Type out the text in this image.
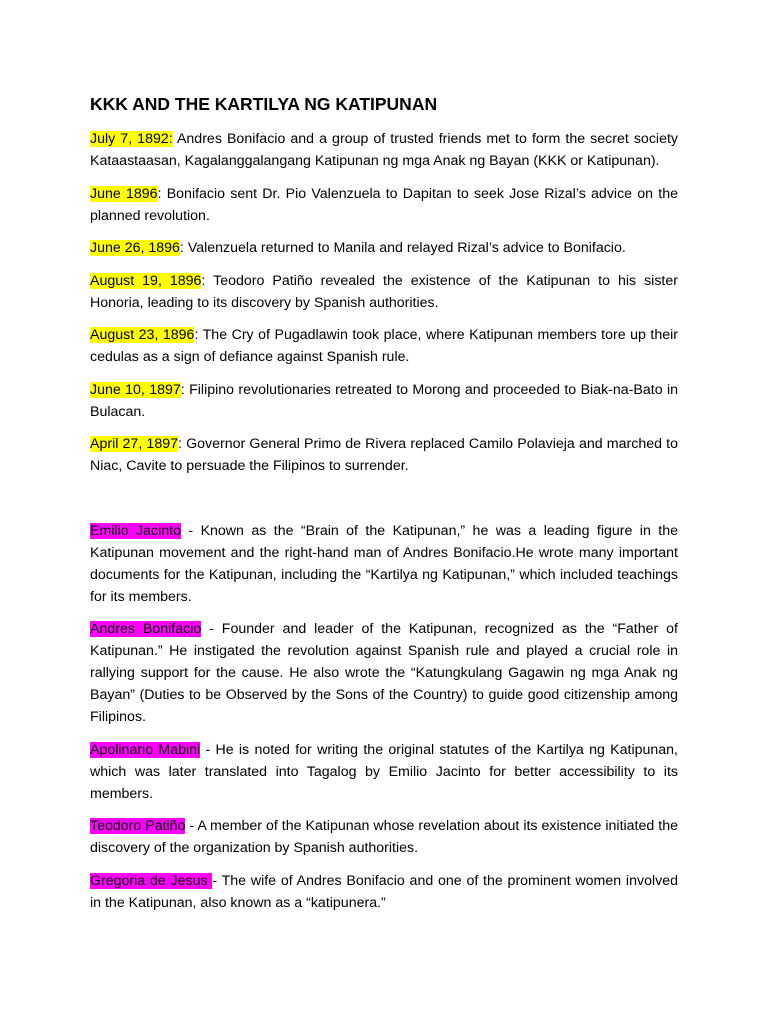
KKK AND THE KARTILYA NG KATIPUNAN

July 7, 1892: Andres Bonifacio and a group of trusted friends met to form the secret society Kataastaasan, Kagalanggalangang Katipunan ng mga Anak ng Bayan (KKK or Katipunan).

June 1896: Bonifacio sent Dr. Pio Valenzuela to Dapitan to seek Jose Rizal’s advice on the planned revolution.

June 26, 1896: Valenzuela returned to Manila and relayed Rizal’s advice to Bonifacio.

August 19, 1896: Teodoro Patiño revealed the existence of the Katipunan to his sister Honoria, leading to its discovery by Spanish authorities.

August 23, 1896: The Cry of Pugadlawin took place, where Katipunan members tore up their cedulas as a sign of defiance against Spanish rule.

June 10, 1897: Filipino revolutionaries retreated to Morong and proceeded to Biak-na-Bato in Bulacan.

April 27, 1897: Governor General Primo de Rivera replaced Camilo Polavieja and marched to Niac, Cavite to persuade the Filipinos to surrender.

Emilio Jacinto - Known as the “Brain of the Katipunan,” he was a leading figure in the Katipunan movement and the right-hand man of Andres Bonifacio.He wrote many important documents for the Katipunan, including the “Kartilya ng Katipunan,” which included teachings for its members.

Andres Bonifacio - Founder and leader of the Katipunan, recognized as the “Father of Katipunan.” He instigated the revolution against Spanish rule and played a crucial role in rallying support for the cause. He also wrote the “Katungkulang Gagawin ng mga Anak ng Bayan” (Duties to be Observed by the Sons of the Country) to guide good citizenship among Filipinos.

Apolinario Mabini - He is noted for writing the original statutes of the Kartilya ng Katipunan, which was later translated into Tagalog by Emilio Jacinto for better accessibility to its members.

Teodoro Patiño - A member of the Katipunan whose revelation about its existence initiated the discovery of the organization by Spanish authorities.

Gregoria de Jesus - The wife of Andres Bonifacio and one of the prominent women involved in the Katipunan, also known as a “katipunera.”
